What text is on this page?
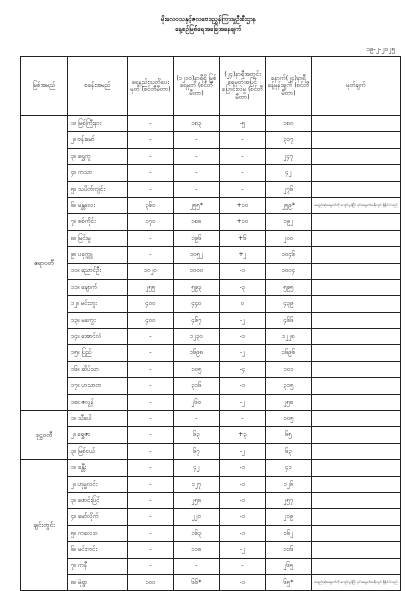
မိုးလေဝသနှင့်ဇလဗေဒညွှန်ကြားမှုဦးစီးဌာန
နေ့စဉ်မြစ်ရေအခြေအနေချက်
၁၉-၂-၂၀၂၅
မြစ်အမည်	စခန်းအမည်	ရေနည်းသတိပေးမှတ် (စင်တီမီတာ)	(၁၂၁၀)နာရီရှိ မြစ်ရေမှတ် (စင်တီမီတာ)	(၂၄)နာရီအတွင်း ရေမှတ်အပြင် ပြောင်းလဲမှု (စင်တီမီတာ)	နောက်(၂၄)နာရီ ခန့်မှန်းချက် (စင်တီမီတာ)	မှတ်ချက်
ဧရာဝတီ	၁။ မြစ်ကြီးနား	-	၁၈၃	-၅	၁၈၀	
	၂။ ဗန်းမော်	-	-	-	၃၁၇	
	၃။ ရွှေကူ	-	-	-	၂၄၇	
	၄။ ကသာ	-	-	-	၄၂	
	၅။ သပိတ်ကျင်း	-	-	-	၂၇၆	
	၆။ မန္တလေး	၃၆၀	၂၅၅*	+၁၀	၂၅၉*	အနည်းဆုံးရေမှတ်ကို ကျော်လွန်ပြီး ၎င်းရေမှတ်အနီးတွင် ရှိနိုင်ပါသည်
	၇။ စစ်ကိုင်း	၁၇၀	၁၈၈	+၁၀	၁၉၂	
	၈။ မြင်းမူ	-	၁၉၆	+၆	၂၀၀	
	၉။ ပခုက္ကူ	-	၁၀၅၂	+၂	၁၀၄၆	
	၁၀။ ညောင်ဦး	၁၀၂၀	၁၀၀၀	-၁	၁၀၀၄	
	၁၁။ ချောက်	၂၅၅	၅၉၃	-၃	၅၉၅	
	၁၂။ မင်းဘူး	၄၀၀	၄၄၀	၀	၄၃၉	
	၁၃။ မကွေး	၄၀၀	၄၆၇	-၂	၄၆၆	
	၁၄။ အောင်လံ	-	၁၂၃၀	-၁	၁၂၂၈	
	၁၅။ ပြည်	-	၁၆၉၈	-၂	၁၆၉၆	
	၁၆။ ဆိပ်သာ	-	၁၀၅	-၄	၁၀၁	
	၁၇။ ဟသာတ	-	၃၁၆	-၁	၃၁၅	
	၁၈။ ဇလွန်	-	၂၆၀	-၂	၂၅၈	
ဒုဋ္ဌဝတီ	၁။ သီပေါ	-	-	-	၁၀၅	
	၂။ ရွှေဇာ	-	၆၃	+၃	၆၅	
	၃။ မြစ်ငယ်	-	၆၇	-၂	၆၃	
ချင်းတွင်း	၁။ ခန္တီး	-	၄၂	-၁	၄၁	
	၂။ ဟုမ္မလင်း	-	၁၂၇	-၁	၁၂၆	
	၃။ ဖောင်းပြင်	-	၂၅၈	-၁	၂၅၇	
	၄။ မော်လိုက်	-	၂၂၀	-၁	၂၁၉	
	၅။ ကလေးဝ	-	၁၆၃	-၁	၁၆၂	
	၆။ မင်းကင်း	-	၁၁၈	-၂	၁၁၆	
	၇။ ကနီ	-	-	-	၂၆၅	
	၈။ မုံရွာ	၁၀၀	၆၆*	-၁	၆၅*	အနည်းဆုံးရေမှတ်ကို ကျော်လွန်ပြီး ၎င်းရေမှတ်အနီးတွင် ရှိနိုင်ပါသည်
